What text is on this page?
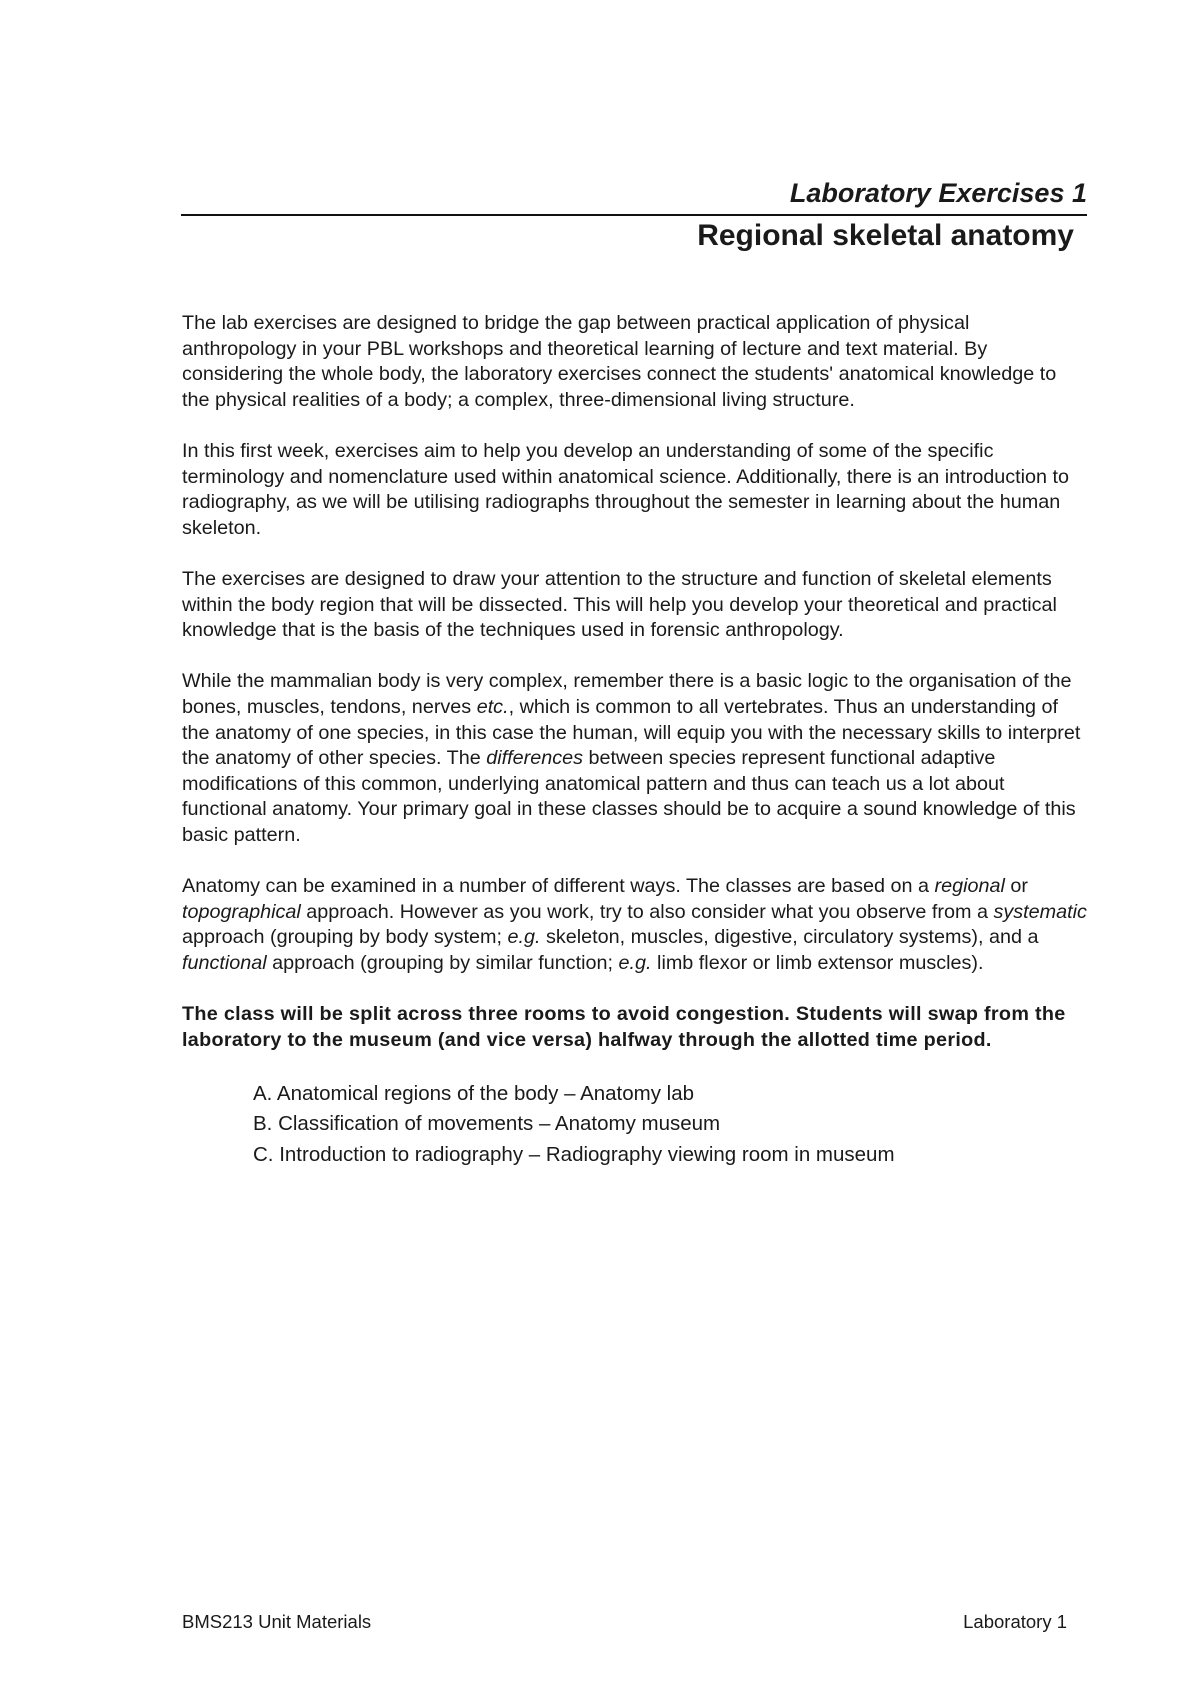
Laboratory Exercises 1
Regional skeletal anatomy

The lab exercises are designed to bridge the gap between practical application of physical anthropology in your PBL workshops and theoretical learning of lecture and text material. By considering the whole body, the laboratory exercises connect the students' anatomical knowledge to the physical realities of a body; a complex, three-dimensional living structure.

In this first week, exercises aim to help you develop an understanding of some of the specific terminology and nomenclature used within anatomical science. Additionally, there is an introduction to radiography, as we will be utilising radiographs throughout the semester in learning about the human skeleton.

The exercises are designed to draw your attention to the structure and function of skeletal elements within the body region that will be dissected. This will help you develop your theoretical and practical knowledge that is the basis of the techniques used in forensic anthropology.

While the mammalian body is very complex, remember there is a basic logic to the organisation of the bones, muscles, tendons, nerves etc., which is common to all vertebrates. Thus an understanding of the anatomy of one species, in this case the human, will equip you with the necessary skills to interpret the anatomy of other species. The differences between species represent functional adaptive modifications of this common, underlying anatomical pattern and thus can teach us a lot about functional anatomy. Your primary goal in these classes should be to acquire a sound knowledge of this basic pattern.

Anatomy can be examined in a number of different ways. The classes are based on a regional or topographical approach. However as you work, try to also consider what you observe from a systematic approach (grouping by body system; e.g. skeleton, muscles, digestive, circulatory systems), and a functional approach (grouping by similar function; e.g. limb flexor or limb extensor muscles).

The class will be split across three rooms to avoid congestion. Students will swap from the laboratory to the museum (and vice versa) halfway through the allotted time period.

A. Anatomical regions of the body – Anatomy lab
B. Classification of movements – Anatomy museum
C. Introduction to radiography – Radiography viewing room in museum
BMS213 Unit Materials	Laboratory 1
